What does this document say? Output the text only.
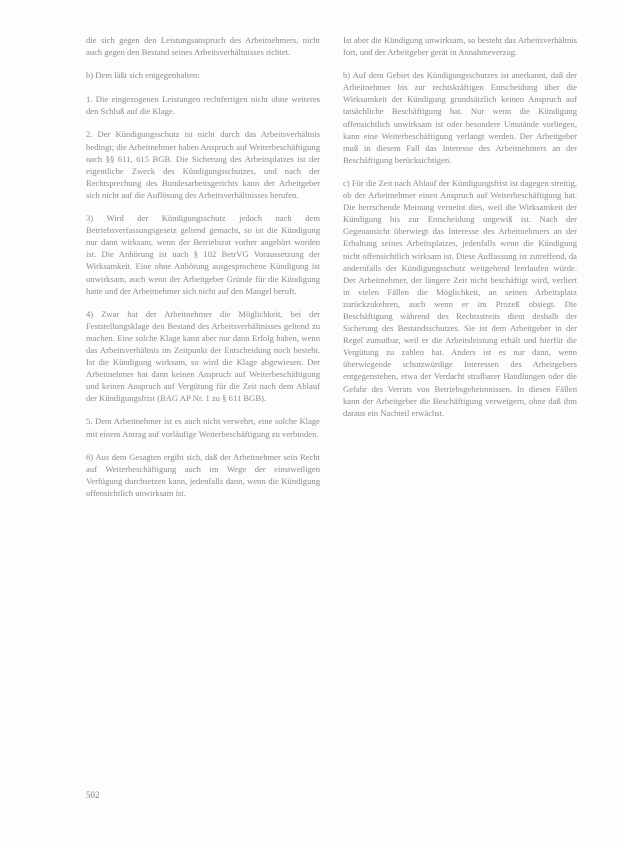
die sich gegen den Leistungsanspruch des Arbeitnehmers, nicht auch gegen den Bestand seines Arbeitsverhältnisses richtet.

b) Dem läßt sich entgegenhalten:

1. Die eingezogenen Leistungen rechtfertigen nicht ohne weiteres den Schluß auf die Klage.

2. Der Kündigungsschutz ist nicht durch das Arbeitsverhältnis bedingt; die Arbeitnehmer haben Anspruch auf Weiterbeschäftigung nach §§ 611, 615 BGB. Die Sicherung des Arbeitsplatzes ist der eigentliche Zweck des Kündigungsschutzes, und nach der Rechtsprechung des Bundesarbeitsgerichts kann der Arbeitgeber sich nicht auf die Auflösung des Arbeitsverhältnisses berufen.

3) Wird der Kündigungsschutz jedoch nach dem Betriebsverfassungsgesetz geltend gemacht, so ist die Kündigung nur dann wirksam, wenn der Betriebsrat vorher angehört worden ist. Die Anhörung ist nach § 102 BetrVG Voraussetzung der Wirksamkeit. Eine ohne Anhörung ausgesprochene Kündigung ist unwirksam, auch wenn der Arbeitgeber Gründe für die Kündigung hatte und der Arbeitnehmer sich nicht auf den Mangel beruft.

4) Zwar hat der Arbeitnehmer die Möglichkeit, bei der Feststellungsklage den Bestand des Arbeitsverhältnisses geltend zu machen. Eine solche Klage kann aber nur dann Erfolg haben, wenn das Arbeitsverhältnis im Zeitpunkt der Entscheidung noch besteht. Ist die Kündigung wirksam, so wird die Klage abgewiesen. Der Arbeitnehmer hat dann keinen Anspruch auf Weiterbeschäftigung und keinen Anspruch auf Vergütung für die Zeit nach dem Ablauf der Kündigungsfrist (BAG AP Nr. 1 zu § 611 BGB).

5. Dem Arbeitnehmer ist es auch nicht verwehrt, eine solche Klage mit einem Antrag auf vorläufige Weiterbeschäftigung zu verbinden.

6) Aus dem Gesagten ergibt sich, daß der Arbeitnehmer sein Recht auf Weiterbeschäftigung auch im Wege der einstweiligen Verfügung durchsetzen kann, jedenfalls dann, wenn die Kündigung offensichtlich unwirksam ist.

Ist aber die Kündigung unwirksam, so besteht das Arbeitsverhältnis fort, und der Arbeitgeber gerät in Annahmeverzug.

b) Auf dem Gebiet des Kündigungsschutzes ist anerkannt, daß der Arbeitnehmer bis zur rechtskräftigen Entscheidung über die Wirksamkeit der Kündigung grundsätzlich keinen Anspruch auf tatsächliche Beschäftigung hat. Nur wenn die Kündigung offensichtlich unwirksam ist oder besondere Umstände vorliegen, kann eine Weiterbeschäftigung verlangt werden. Der Arbeitgeber muß in diesem Fall das Interesse des Arbeitnehmers an der Beschäftigung berücksichtigen.

c) Für die Zeit nach Ablauf der Kündigungsfrist ist dagegen streitig, ob der Arbeitnehmer einen Anspruch auf Weiterbeschäftigung hat. Die herrschende Meinung verneint dies, weil die Wirksamkeit der Kündigung bis zur Entscheidung ungewiß ist. Nach der Gegenansicht überwiegt das Interesse des Arbeitnehmers an der Erhaltung seines Arbeitsplatzes, jedenfalls wenn die Kündigung nicht offensichtlich wirksam ist. Diese Auffassung ist zutreffend, da andernfalls der Kündigungsschutz weitgehend leerlaufen würde. Der Arbeitnehmer, der längere Zeit nicht beschäftigt wird, verliert in vielen Fällen die Möglichkeit, an seinen Arbeitsplatz zurückzukehren, auch wenn er im Prozeß obsiegt. Die Beschäftigung während des Rechtsstreits dient deshalb der Sicherung des Bestandsschutzes. Sie ist dem Arbeitgeber in der Regel zumutbar, weil er die Arbeitsleistung erhält und hierfür die Vergütung zu zahlen hat. Anders ist es nur dann, wenn überwiegende schutzwürdige Interessen des Arbeitgebers entgegenstehen, etwa der Verdacht strafbarer Handlungen oder die Gefahr des Verrats von Betriebsgeheimnissen. In diesen Fällen kann der Arbeitgeber die Beschäftigung verweigern, ohne daß ihm daraus ein Nachteil erwächst.

502
